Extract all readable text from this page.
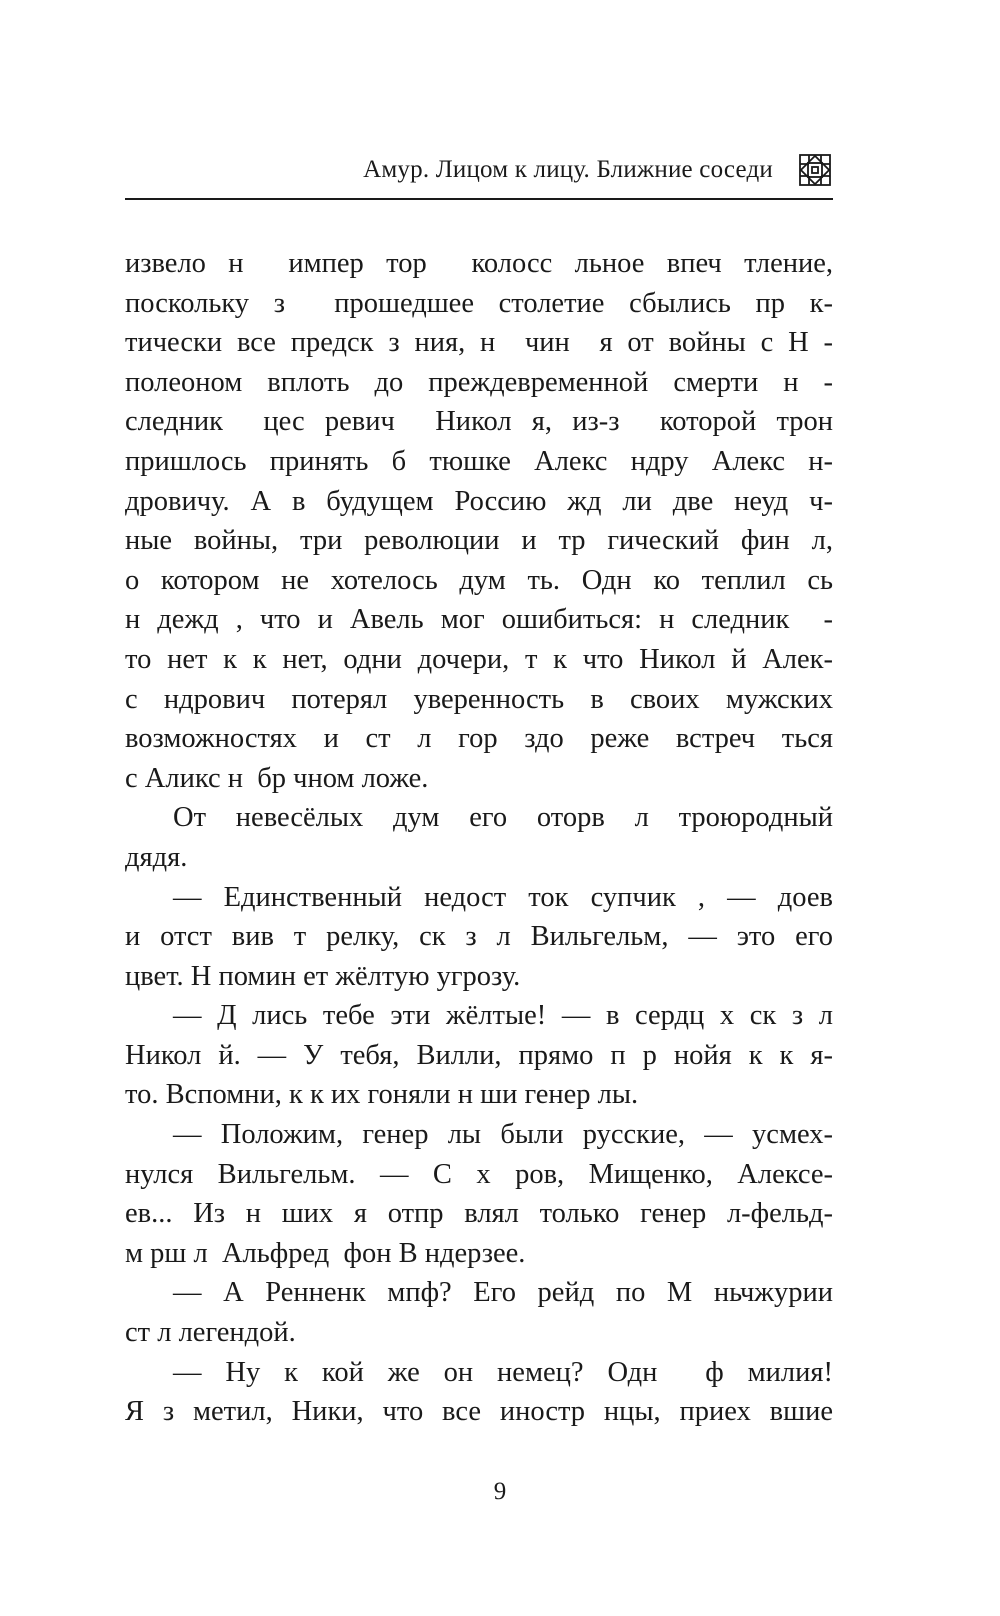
Амур. Лицом к лицу. Ближние соседи
извело н  импер тор  колосс льное впеч тление,
поскольку з  прошедшее столетие сбылись пр к-
тически все предск з ния, н  чин  я от войны с Н -
полеоном вплоть до преждевременной смерти н -
следник  цес ревич  Никол я, из-з  которой трон
пришлось принять б тюшке Алекс ндру Алекс н-
дровичу. А в будущем Россию жд ли две неуд ч-
ные войны, три революции и тр гический фин л,
о котором не хотелось дум ть. Одн ко теплил сь
н дежд , что и Авель мог ошибиться: н следник  -
то нет к к нет, одни дочери, т к что Никол й Алек-
с ндрович потерял уверенность в своих мужских
возможностях и ст л гор здо реже встреч ться
с Аликс н  бр чном ложе.
От невесёлых дум его оторв л троюродный
дядя.
— Единственный недост ток супчик , — доев
и отст вив т релку, ск з л Вильгельм, — это его
цвет. Н помин ет жёлтую угрозу.
— Д лись тебе эти жёлтые! — в сердц х ск з л
Никол й. — У тебя, Вилли, прямо п р нойя к к я-
то. Вспомни, к к их гоняли н ши генер лы.
— Положим, генер лы были русские, — усмех-
нулся Вильгельм. — С х ров, Мищенко, Алексе-
ев... Из н ших я отпр влял только генер л-фельд-
м рш л  Альфред  фон В ндерзее.
— А Ренненк мпф? Его рейд по М ньчжурии
ст л легендой.
— Ну к кой же он немец? Одн  ф милия!
Я з метил, Ники, что все иностр нцы, приех вшие
9
